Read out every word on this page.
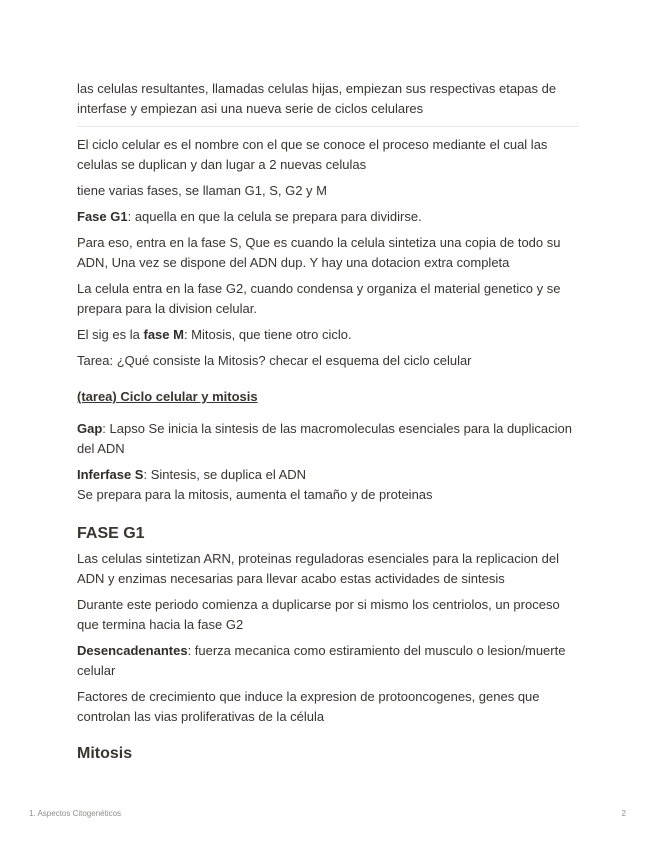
las celulas resultantes, llamadas celulas hijas, empiezan sus respectivas etapas de interfase y empiezan asi una nueva serie de ciclos celulares

El ciclo celular es el nombre con el que se conoce el proceso mediante el cual las celulas se duplican y dan lugar a 2 nuevas celulas

tiene varias fases, se llaman G1, S, G2 y M

Fase G1: aquella en que la celula se prepara para dividirse.

Para eso, entra en la fase S, Que es cuando la celula sintetiza una copia de todo su ADN, Una vez se dispone del ADN dup. Y hay una dotacion extra completa

La celula entra en la fase G2, cuando condensa y organiza el material genetico y se prepara para la division celular.

El sig es la fase M: Mitosis, que tiene otro ciclo.

Tarea: ¿Qué consiste la Mitosis? checar el esquema del ciclo celular

(tarea) Ciclo celular y mitosis

Gap: Lapso Se inicia la sintesis de las macromoleculas esenciales para la duplicacion del ADN

Inferfase S: Sintesis, se duplica el ADN

Se prepara para la mitosis, aumenta el tamaño y de proteinas

FASE G1

Las celulas sintetizan ARN, proteinas reguladoras esenciales para la replicacion del ADN y enzimas necesarias para llevar acabo estas actividades de sintesis

Durante este periodo comienza a duplicarse por si mismo los centriolos, un proceso que termina hacia la fase G2

Desencadenantes: fuerza mecanica como estiramiento del musculo o lesion/muerte celular

Factores de crecimiento que induce la expresion de protooncogenes, genes que controlan las vias proliferativas de la célula

Mitosis
1. Aspectos Citogenéticos	2
